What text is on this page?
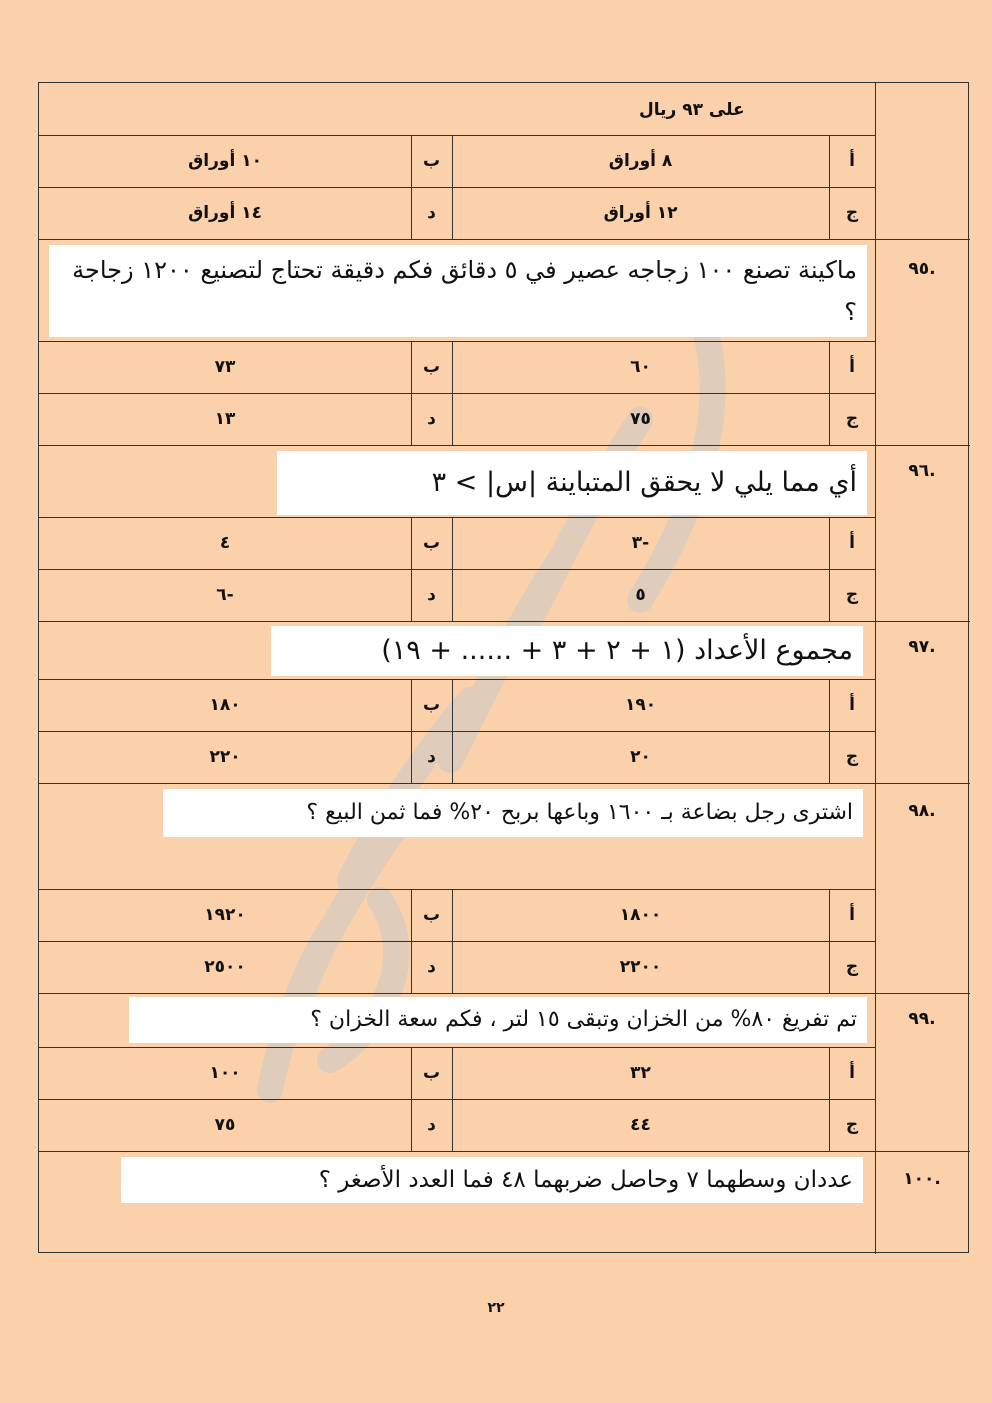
على ٩٣ ريال
أ
٨ أوراق
ب
١٠ أوراق
ج
١٢ أوراق
د
١٤ أوراق
.٩٥
ماكينة تصنع ١٠٠ زجاجه عصير في ٥ دقائق فكم دقيقة تحتاج لتصنيع ١٢٠٠ زجاجة ؟
أ
٦٠
ب
٧٣
ج
٧٥
د
١٣
.٩٦
أي مما يلي لا يحقق المتباينة |س| > ٣
أ
-٣
ب
٤
ج
٥
د
-٦
.٩٧
مجموع الأعداد (١ + ٢ + ٣ + ...... + ١٩)
أ
١٩٠
ب
١٨٠
ج
٢٠
د
٢٢٠
.٩٨
اشترى رجل بضاعة بـ ١٦٠٠ وباعها بربح ٢٠% فما ثمن البيع ؟
أ
١٨٠٠
ب
١٩٢٠
ج
٢٢٠٠
د
٢٥٠٠
.٩٩
تم تفريغ ٨٠% من الخزان وتبقى ١٥ لتر ، فكم سعة الخزان ؟
أ
٣٢
ب
١٠٠
ج
٤٤
د
٧٥
.١٠٠
عددان وسطهما ٧ وحاصل ضربهما ٤٨ فما العدد الأصغر ؟
٢٢
